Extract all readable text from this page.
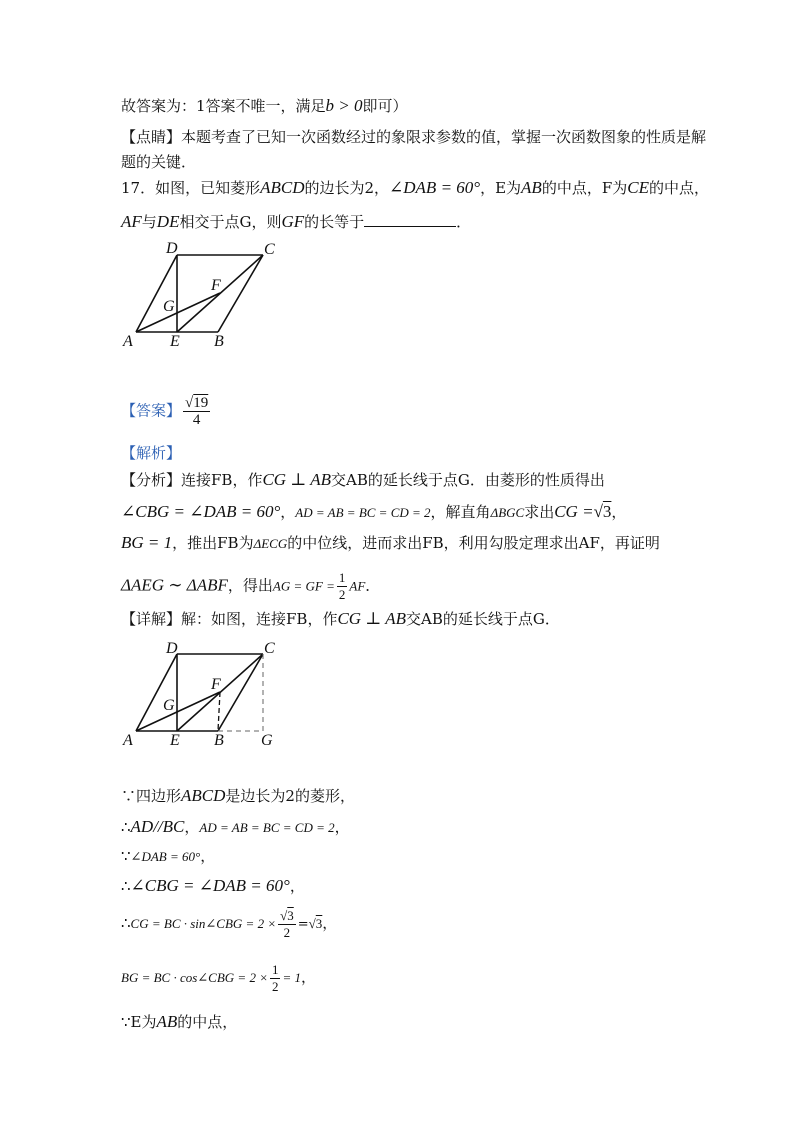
故答案为：1答案不唯一，满足b > 0即可）
【点睛】本题考查了已知一次函数经过的象限求参数的值，掌握一次函数图象的性质是解
题的关键．
17．如图，已知菱形ABCD的边长为2，∠DAB = 60°，E为AB的中点，F为CE的中点，
AF与DE相交于点G，则GF的长等于	．
D	C
F
G
A E B
【答案】 $\frac{√19}{4}$
【解析】
【分析】连接FB，作CG ⊥ AB交AB的延长线于点G．由菱形的性质得出
∠CBG = ∠DAB = 60°，AD = AB = BC = CD = 2，解直角ΔBGC求出CG =√3，
BG = 1，推出FB为ΔECG的中位线，进而求出FB，利用勾股定理求出AF，再证明
ΔAEG ∼ ΔABF，得出AG = GF = $\frac{1}{2}$ AF．
【详解】解：如图，连接FB，作CG ⊥ AB交AB的延长线于点G．
D	C
F
G
A E B G
∵四边形ABCD是边长为2的菱形，
∴AD//BC，AD = AB = BC = CD = 2，
∵∠DAB = 60°，
∴∠CBG = ∠DAB = 60°，
∴CG = BC · sin∠CBG = $2 \times \frac{√3}{2} =√3$，
BG = BC · cos∠CBG = $2 \times \frac{1}{2} = 1$，
∵E为AB的中点，
